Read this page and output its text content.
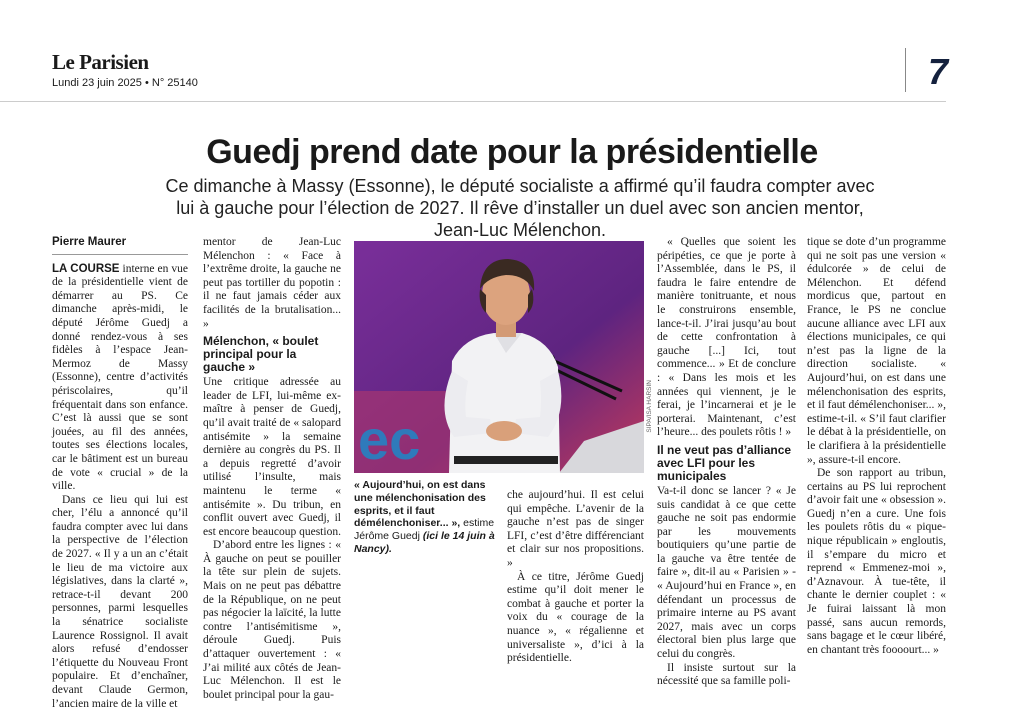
Le Parisien
Lundi 23 juin 2025 • N° 25140	7
Guedj prend date pour la présidentielle

Ce dimanche à Massy (Essonne), le député socialiste a affirmé qu’il faudra compter avec lui à gauche pour l’élection de 2027. Il rêve d’installer un duel avec son ancien mentor, Jean-Luc Mélenchon.

Pierre Maurer

LA COURSE interne en vue de la présidentielle vient de démarrer au PS. Ce dimanche après-midi, le député Jérôme Guedj a donné rendez-vous à ses fidèles à l’espace Jean-Mermoz de Massy (Essonne), centre d’activités périscolaires, qu’il fréquentait dans son enfance. C’est là aussi que se sont jouées, au fil des années, toutes ses élections locales, car le bâtiment est un bureau de vote « crucial » de la ville.

Dans ce lieu qui lui est cher, l’élu a annoncé qu’il faudra compter avec lui dans la perspective de l’élection de 2027. « Il y a un an c’était le lieu de ma victoire aux législatives, dans la clarté », retrace-t-il devant 200 personnes, parmi lesquelles la sénatrice socialiste Laurence Rossignol. Il avait alors refusé d’endosser l’étiquette du Nouveau Front populaire. Et d’enchaîner, devant Claude Germon, l’ancien maire de la ville et

mentor de Jean-Luc Mélenchon : « Face à l’extrême droite, la gauche ne peut pas tortiller du popotin : il ne faut jamais céder aux facilités de la brutalisation... »

Mélenchon, « boulet principal pour la gauche »

Une critique adressée au leader de LFI, lui-même ex-maître à penser de Guedj, qu’il avait traité de « salopard antisémite » la semaine dernière au congrès du PS. Il a depuis regretté d’avoir utilisé l’insulte, mais maintenu le terme « antisémite ». Du tribun, en conflit ouvert avec Guedj, il est encore beaucoup question.

D’abord entre les lignes : « À gauche on peut se pouiller la tête sur plein de sujets. Mais on ne peut pas débattre de la République, on ne peut pas négocier la laïcité, la lutte contre l’antisémitisme », déroule Guedj. Puis d’attaquer ouvertement : « J’ai milité aux côtés de Jean-Luc Mélenchon. Il est le boulet principal pour la gau-

ec
SIPA/ISA HARSIN
« Aujourd’hui, on est dans une mélenchonisation des esprits, et il faut démélenchoniser... », estime Jérôme Guedj (ici le 14 juin à Nancy).

che aujourd’hui. Il est celui qui empêche. L’avenir de la gauche n’est pas de singer LFI, c’est d’être différenciant et clair sur nos propositions. »

À ce titre, Jérôme Guedj estime qu’il doit mener le combat à gauche et porter la voix du « courage de la nuance », « régalienne et universaliste », d’ici à la présidentielle.

« Quelles que soient les péripéties, ce que je porte à l’Assemblée, dans le PS, il faudra le faire entendre de manière tonitruante, et nous le construirons ensemble, lance-t-il. J’irai jusqu’au bout de cette confrontation à gauche [...] Ici, tout commence... » Et de conclure : « Dans les mois et les années qui viennent, je le ferai, je l’incarnerai et je le porterai. Maintenant, c’est l’heure... des poulets rôtis ! »

Il ne veut pas d’alliance avec LFI pour les municipales

Va-t-il donc se lancer ? « Je suis candidat à ce que cette gauche ne soit pas endormie par les mouvements boutiquiers qu’une partie de la gauche va être tentée de faire », dit-il au « Parisien » - « Aujourd’hui en France », en défendant un processus de primaire interne au PS avant 2027, mais avec un corps électoral bien plus large que celui du congrès.

Il insiste surtout sur la nécessité que sa famille poli-

tique se dote d’un programme qui ne soit pas une version « édulcorée » de celui de Mélenchon. Et défend mordicus que, partout en France, le PS ne conclue aucune alliance avec LFI aux élections municipales, ce qui n’est pas la ligne de la direction socialiste. « Aujourd’hui, on est dans une mélenchonisation des esprits, et il faut démélenchoniser... », estime-t-il. « S’il faut clarifier le débat à la présidentielle, on le clarifiera à la présidentielle », assure-t-il encore.

De son rapport au tribun, certains au PS lui reprochent d’avoir fait une « obsession ». Guedj n’en a cure. Une fois les poulets rôtis du « pique-nique républicain » engloutis, il s’empare du micro et reprend « Emmenez-moi », d’Aznavour. À tue-tête, il chante le dernier couplet : « Je fuirai laissant là mon passé, sans aucun remords, sans bagage et le cœur libéré, en chantant très foooourt... »
